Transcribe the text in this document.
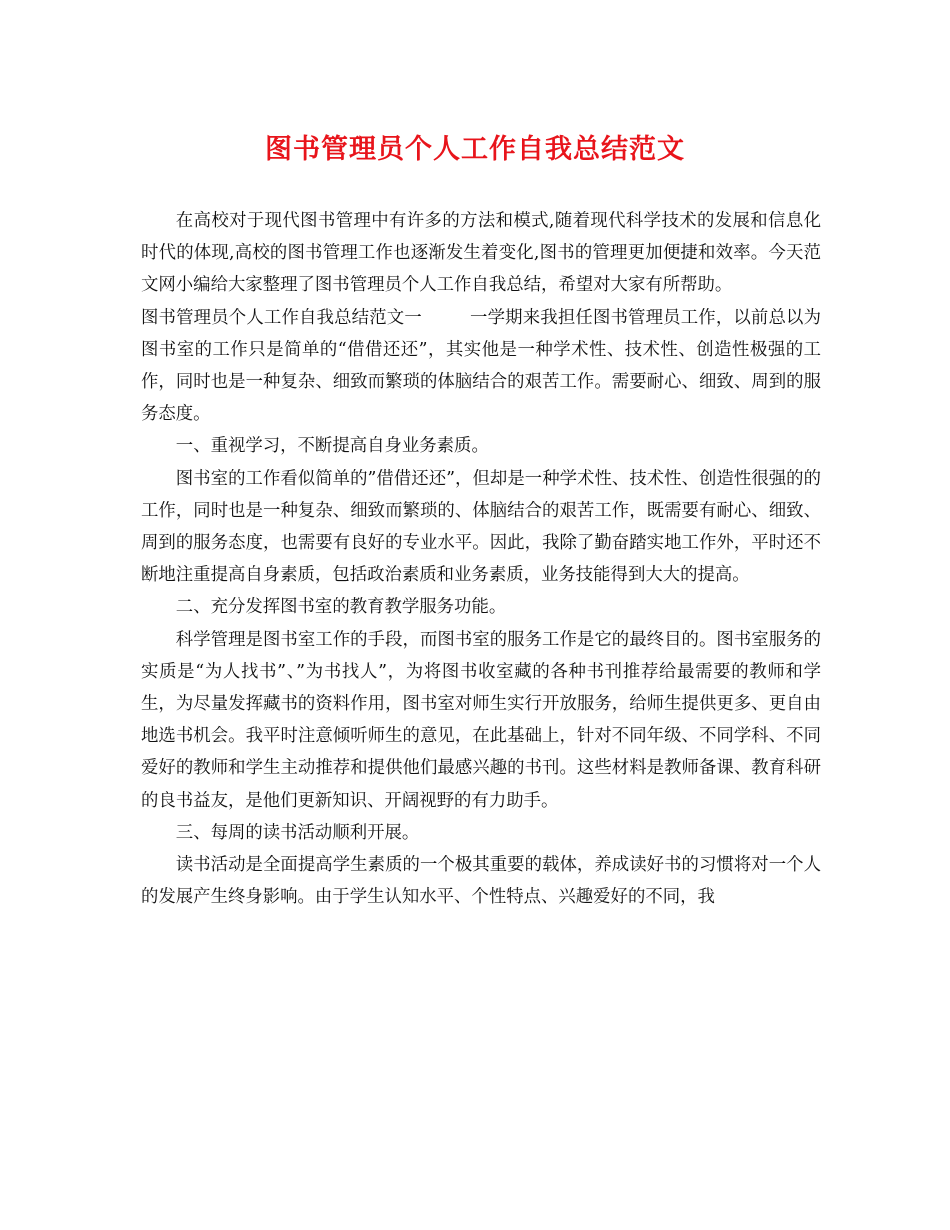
图书管理员个人工作自我总结范文

在高校对于现代图书管理中有许多的方法和模式,随着现代科学技术的发展和信息化时代的体现,高校的图书管理工作也逐渐发生着变化,图书的管理更加便捷和效率。今天范文网小编给大家整理了图书管理员个人工作自我总结，希望对大家有所帮助。

图书管理员个人工作自我总结范文一	一学期来我担任图书管理员工作，以前总以为图书室的工作只是简单的“借借还还”，其实他是一种学术性、技术性、创造性极强的工作，同时也是一种复杂、细致而繁琐的体脑结合的艰苦工作。需要耐心、细致、周到的服务态度。

一、重视学习，不断提高自身业务素质。

图书室的工作看似简单的”借借还还”，但却是一种学术性、技术性、创造性很强的的工作，同时也是一种复杂、细致而繁琐的、体脑结合的艰苦工作，既需要有耐心、细致、周到的服务态度，也需要有良好的专业水平。因此，我除了勤奋踏实地工作外，平时还不断地注重提高自身素质，包括政治素质和业务素质，业务技能得到大大的提高。

二、充分发挥图书室的教育教学服务功能。

科学管理是图书室工作的手段，而图书室的服务工作是它的最终目的。图书室服务的实质是“为人找书”、”为书找人”，为将图书收室藏的各种书刊推荐给最需要的教师和学生，为尽量发挥藏书的资料作用，图书室对师生实行开放服务，给师生提供更多、更自由地选书机会。我平时注意倾听师生的意见，在此基础上，针对不同年级、不同学科、不同爱好的教师和学生主动推荐和提供他们最感兴趣的书刊。这些材料是教师备课、教育科研的良书益友，是他们更新知识、开阔视野的有力助手。

三、每周的读书活动顺利开展。

读书活动是全面提高学生素质的一个极其重要的载体，养成读好书的习惯将对一个人的发展产生终身影响。由于学生认知水平、个性特点、兴趣爱好的不同，我
